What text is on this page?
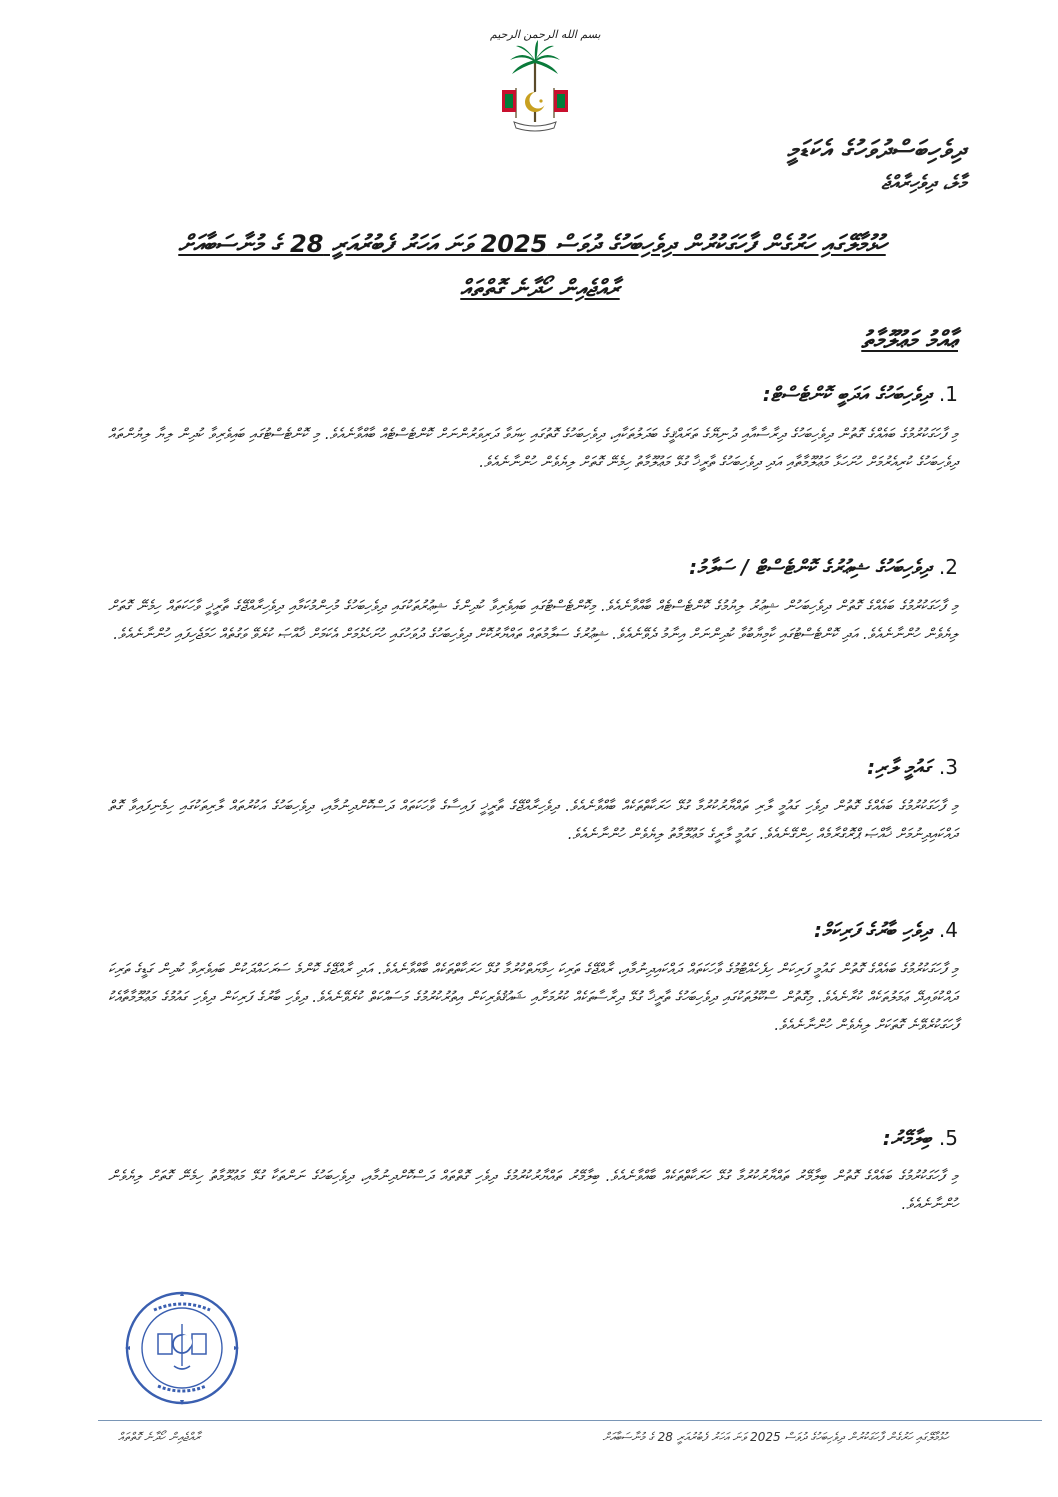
بسم الله الرحمن الرحيم
ދިވެހިބަސްދުވަހުގެ އެކަޑަމީ
މާލެ، ދިވެހިރާއްޖެ
ހުޅުމާލޭގައި ހަރުގެން ފާހަގަކުރުން ދިވެހިބަހުގެ ދުވަސް 2025 ވަނަ އަހަރު ފެބުރުއަރީ 28 ގެ މުނާސަބާއަށް
ރާއްޖެއިން ހޯދާނެ ގޮތްތައް
ޢާއްމު މަޢުލޫމާތު
1.
ދިވެހިބަހުގެ އަދަބީ ކޮންޓެސްޓް:

މި ފާހަގަކުރުމުގެ ބައެއްގެ ގޮތުން ދިވެހިބަހުގެ ދިރާސާއާއި ދުނިޔޭގެ ތަރައްޤީގެ ބަދަލުތަކާއި، ދިވެހިބަހުގެ ގޮތުގައި ކިޔަވާ ދަރިވަރުންނަށް ކޮންޓެސްޓެއް ބާއްވާނެއެވެ. މި ކޮންޓެސްޓުގައި ބައިވެރިވާ ކުދިން ލިޔާ ލިޔުންތައް ދިވެހިބަހުގެ ކުރިއެރުމަށް ހުށަހަޅާ މަޢުލޫމާތާއި އަދި ދިވެހިބަހުގެ ތާރީޚާ ގުޅޭ މަޢުލޫމާތު ހިމެނޭ ގޮތަށް ލިޔެވެން ހުންނާނެއެވެ.

2.
ދިވެހިބަހުގެ ޝިޢުރުގެ ކޮންޓެސްޓް / ސަލާމު:

މި ފާހަގަކުރުމުގެ ބައެއްގެ ގޮތުން ދިވެހިބަހުން ޝިޢުރު ލިޔުމުގެ ކޮންޓެސްޓެއް ބާއްވާނެއެވެ. މިކޮންޓެސްޓުގައި ބައިވެރިވާ ކުދިންގެ ޝިޢުރުތަކުގައި ދިވެހިބަހުގެ މުހިންމުކަމާއި ދިވެހިރާއްޖޭގެ ތާރީޚީ ވާހަކަތައް ހިމެނޭ ގޮތަށް ލިޔެވެން ހުންނާނެއެވެ. އަދި ކޮންޓެސްޓުގައި ކާމިޔާބުވާ ކުދިންނަށް އިނާމު ދެވޭނެއެވެ. ޝިޢުރުގެ ސަލާމުތައް ތައްޔާރުކޮށް ދިވެހިބަހުގެ ދުވަހުގައި ހުށަހެޅުމަށް އެކަމަށް ޚާއްޞަ ކުރެވޭ ވަގުތެއް ހަމަޖެހިފައި ހުންނާނެއެވެ.

3.
ގައުމީ ލާރި:

މި ފާހަގަކުރުމުގެ ބައެއްގެ ގޮތުން ދިވެހި ގައުމީ ލާރި ތައްޔާރުކުރުމާ ގުޅޭ ހަރަކާތްތަކެއް ބާއްވާނެއެވެ. ދިވެހިރާއްޖޭގެ ތާރީޚީ ފައިސާގެ ވާހަކަތައް ދަސްކޮށްދިނުމާއި، ދިވެހިބަހުގެ އަކުރުތައް ލާރިތަކުގައި ހިމެނިފައިވާ ގޮތް ދައްކައިދިނުމަށް ޚާއްޞަ ޕްރޮގްރާމެއް ހިންގޭނެއެވެ. ގައުމީ ލާރީގެ މަޢުލޫމާތު ލިޔެވެން ހުންނާނެއެވެ.

4.
ދިވެހި ބާރުގެ ފަރިކަމް:

މި ފާހަގަކުރުމުގެ ބައެއްގެ ގޮތުން ގައުމީ ފަރިކަން ހިފެހެއްޓުމުގެ ވާހަކަތައް ދައްކައިދިނުމާއި، ރާއްޖޭގެ ތަރިކަ ހިމާޔަތްކުރުމާ ގުޅޭ ހަރަކާތްތަކެއް ބާއްވާނެއެވެ. އަދި ރާއްޖޭގެ ކޮންމެ ސަރަހައްދަކުން ބައިވެރިވާ ކުދިން ގަޑީގެ ތަރިކަ ދައްކުވައިދޭ ޢަމަލުތަކެއް ކުރާނެއެވެ. މިގޮތުން ސްކޫލުތަކުގައި ދިވެހިބަހުގެ ތާރީޚާ ގުޅޭ ދިރާސާތަކެއް ކުރުމަށާއި ޝައުޤުވެރިކަން އިތުރުކުރުމުގެ މަސައްކަތް ކުރެވޭނެއެވެ. ދިވެހި ބާރުގެ ފަރިކަން ދިވެހި ގައުމުގެ މަޢުލޫމާތާއެކު ފާހަގަކުރެވޭނެ ގޮތަކަށް ލިޔެވެން ހުންނާނެއެވެ.

5.
ބިލާމޭރު:

މި ފާހަގަކުރުމުގެ ބައެއްގެ ގޮތުން ބިލާމޭރު ތައްޔާރުކުރުމާ ގުޅޭ ހަރަކާތްތަކެއް ބާއްވާނެއެވެ. ބިލާމޭރު ތައްޔާރުކުރުމުގެ ދިވެހި ގޮތްތައް ދަސްކޮށްދިނުމާއި، ދިވެހިބަހުގެ ނަންތަކާ ގުޅޭ މަޢުލޫމާތު ހިމެނޭ ގޮތަށް ލިޔެވެން ހުންނާނެއެވެ.

ރާއްޖެއިން ހޯދާނެ ގޮތްތައް	ހުޅުމާލޭގައި ހަރުގެން ފާހަގަކުރުން ދިވެހިބަހުގެ ދުވަސް 2025 ވަނަ އަހަރު ފެބުރުއަރީ 28 ގެ މުނާސަބާއަށް
